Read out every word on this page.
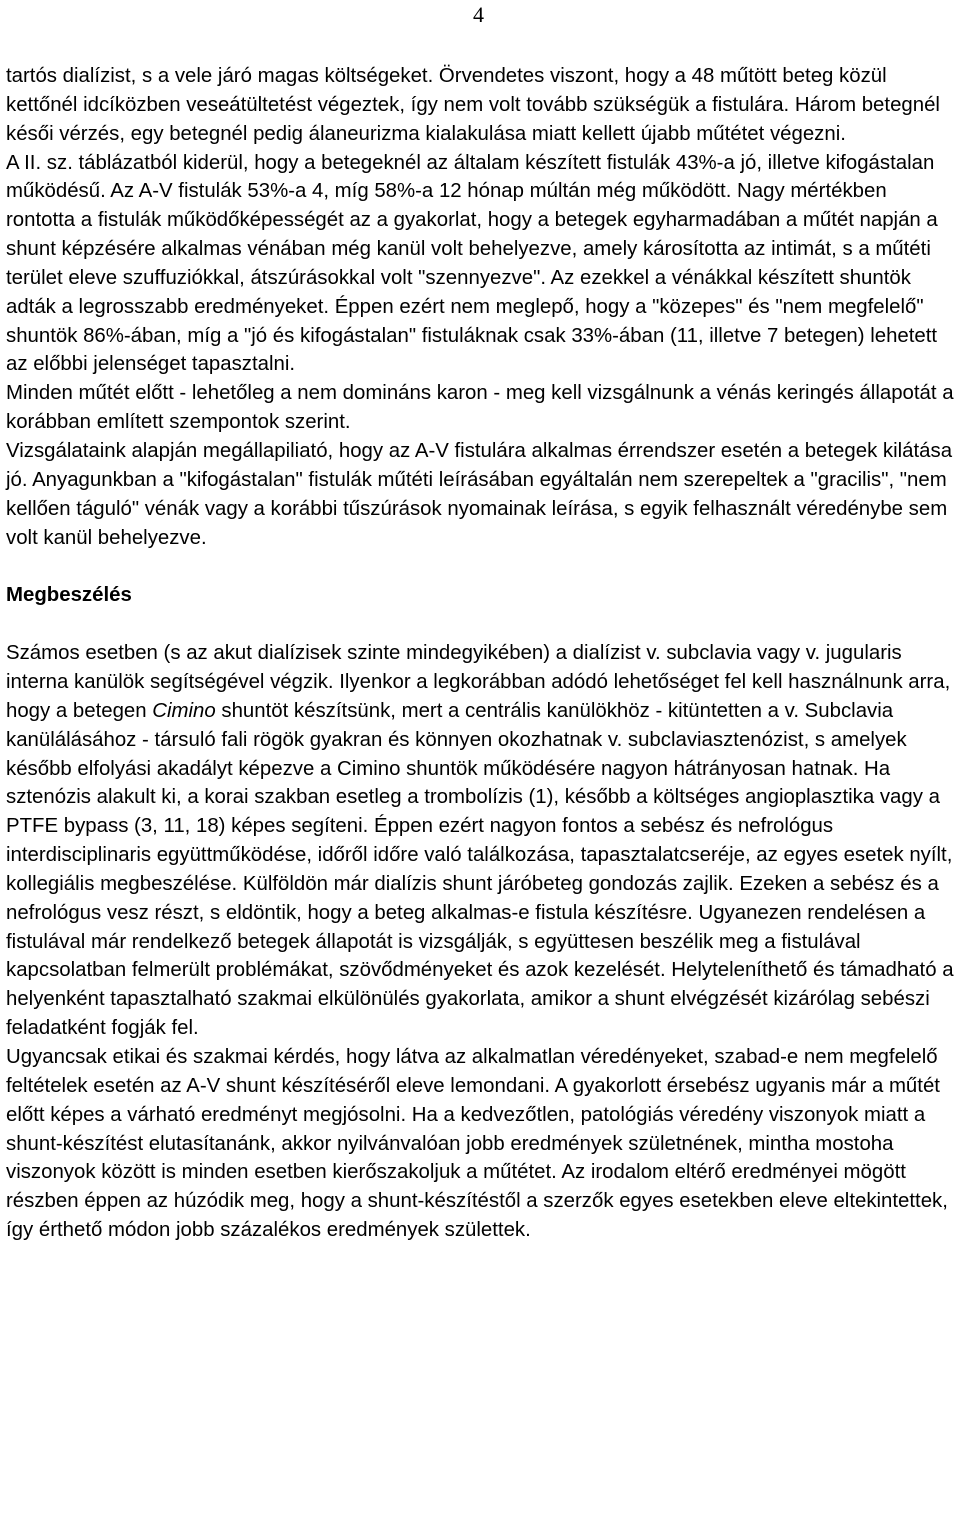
4

tartós dialízist, s a vele járó magas költségeket. Örvendetes viszont, hogy a 48 műtött beteg közül kettőnél idcíközben veseátültetést végeztek, így nem volt tovább szükségük a fistulára. Három betegnél késői vérzés, egy betegnél pedig álaneurizma kialakulása miatt kellett újabb műtétet végezni.

A II. sz. táblázatból kiderül, hogy a betegeknél az általam készített fistulák 43%-a jó, illetve kifogástalan működésű. Az A-V fistulák 53%-a 4, míg 58%-a 12 hónap múltán még működött. Nagy mértékben rontotta a fistulák működőképességét az a gyakorlat, hogy a betegek egyharmadában a műtét napján a shunt képzésére alkalmas vénában még kanül volt behelyezve, amely károsította az intimát, s a műtéti terület eleve szuffuziókkal, átszúrásokkal volt "szennyezve". Az ezekkel a vénákkal készített shuntök adták a legrosszabb eredményeket. Éppen ezért nem meglepő, hogy a "közepes" és "nem megfelelő" shuntök 86%-ában, míg a "jó és kifogástalan" fistuláknak csak 33%-ában (11, illetve 7 betegen) lehetett az előbbi jelenséget tapasztalni.

Minden műtét előtt - lehetőleg a nem domináns karon - meg kell vizsgálnunk a vénás keringés állapotát a korábban említett szempontok szerint.

Vizsgálataink alapján megállapiliató, hogy az A-V fistulára alkalmas érrendszer esetén a betegek kilátása jó. Anyagunkban a "kifogástalan" fistulák műtéti leírásában egyáltalán nem szerepeltek a "gracilis", "nem kellően táguló" vénák vagy a korábbi tűszúrások nyomainak leírása, s egyik felhasznált véredénybe sem volt kanül behelyezve.

Megbeszélés

Számos esetben (s az akut dialízisek szinte mindegyikében) a dialízist v. subclavia vagy v. jugularis interna kanülök segítségével végzik. Ilyenkor a legkorábban adódó lehetőséget fel kell használnunk arra, hogy a betegen Cimino shuntöt készítsünk, mert a centrális kanülökhöz - kitüntetten a v. Subclavia kanülálásához - társuló fali rögök gyakran és könnyen okozhatnak v. subclaviasztenózist, s amelyek később elfolyási akadályt képezve a Cimino shuntök működésére nagyon hátrányosan hatnak. Ha sztenózis alakult ki, a korai szakban esetleg a trombolízis (1), később a költséges angioplasztika vagy a PTFE bypass (3, 11, 18) képes segíteni. Éppen ezért nagyon fontos a sebész és nefrológus interdisciplinaris együttműködése, időről időre való találkozása, tapasztalatcseréje, az egyes esetek nyílt, kollegiális megbeszélése. Külföldön már dialízis shunt járóbeteg gondozás zajlik. Ezeken a sebész és a nefrológus vesz részt, s eldöntik, hogy a beteg alkalmas-e fistula készítésre. Ugyanezen rendelésen a fistulával már rendelkező betegek állapotát is vizsgálják, s együttesen beszélik meg a fistulával kapcsolatban felmerült problémákat, szövődményeket és azok kezelését. Helyteleníthető és támadható a helyenként tapasztalható szakmai elkülönülés gyakorlata, amikor a shunt elvégzését kizárólag sebészi feladatként fogják fel.

Ugyancsak etikai és szakmai kérdés, hogy látva az alkalmatlan véredényeket, szabad-e nem megfelelő feltételek esetén az A-V shunt készítéséről eleve lemondani. A gyakorlott érsebész ugyanis már a műtét előtt képes a várható eredményt megjósolni. Ha a kedvezőtlen, patológiás véredény viszonyok miatt a shunt-készítést elutasítanánk, akkor nyilvánvalóan jobb eredmények születnének, mintha mostoha viszonyok között is minden esetben kierőszakoljuk a műtétet. Az irodalom eltérő eredményei mögött részben éppen az húzódik meg, hogy a shunt-készítéstől a szerzők egyes esetekben eleve eltekintettek, így érthető módon jobb százalékos eredmények születtek.
